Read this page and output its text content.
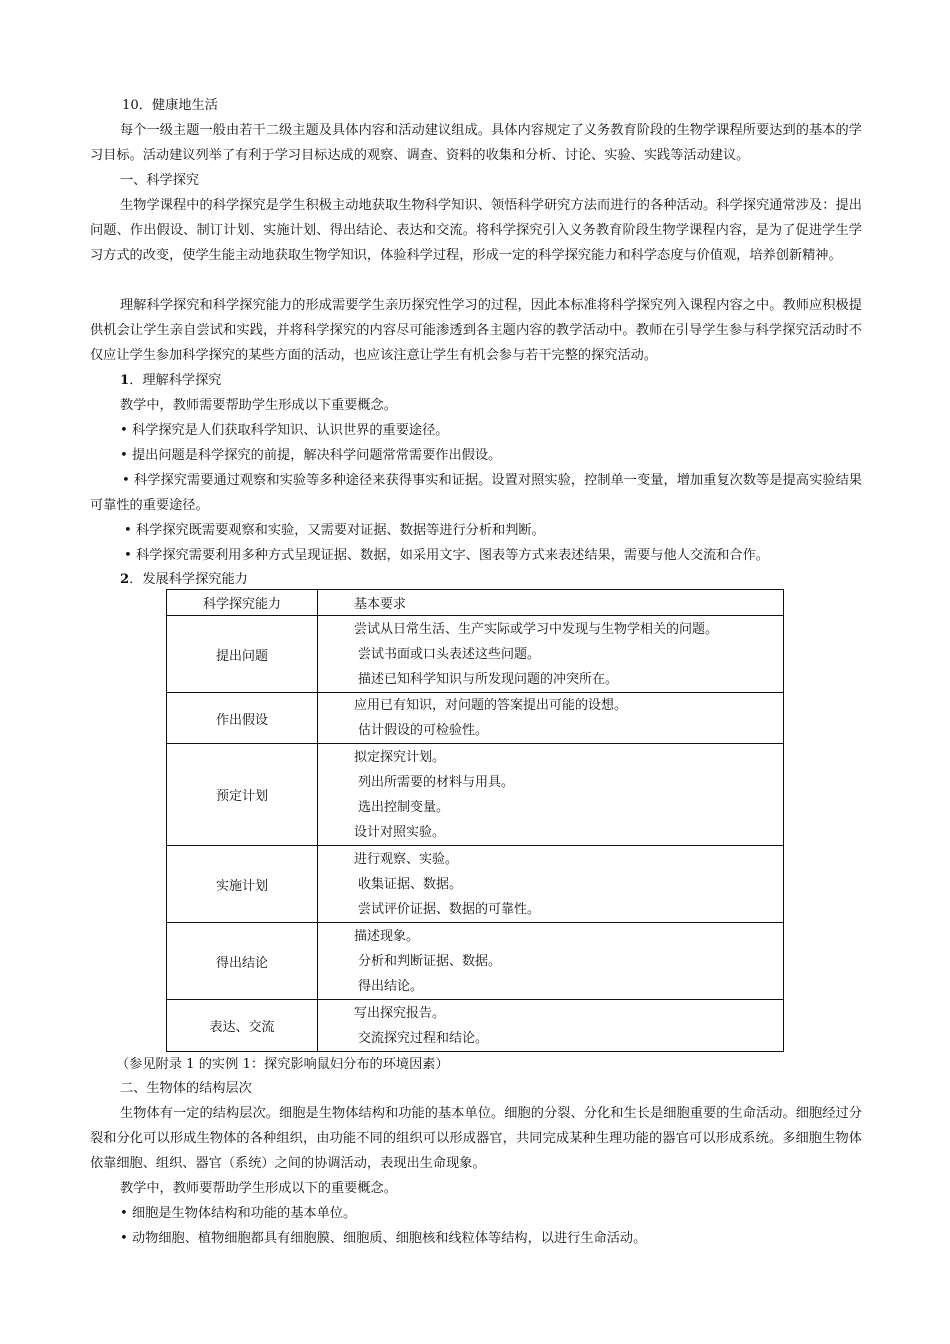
10．健康地生活
每个一级主题一般由若干二级主题及具体内容和活动建议组成。具体内容规定了义务教育阶段的生物学课程所要达到的基本的学习目标。活动建议列举了有利于学习目标达成的观察、调查、资料的收集和分析、讨论、实验、实践等活动建议。
一、科学探究
生物学课程中的科学探究是学生积极主动地获取生物科学知识、领悟科学研究方法而进行的各种活动。科学探究通常涉及：提出问题、作出假设、制订计划、实施计划、得出结论、表达和交流。将科学探究引入义务教育阶段生物学课程内容，是为了促进学生学习方式的改变，使学生能主动地获取生物学知识，体验科学过程，形成一定的科学探究能力和科学态度与价值观，培养创新精神。
理解科学探究和科学探究能力的形成需要学生亲历探究性学习的过程，因此本标准将科学探究列入课程内容之中。教师应积极提供机会让学生亲自尝试和实践，并将科学探究的内容尽可能渗透到各主题内容的教学活动中。教师在引导学生参与科学探究活动时不仅应让学生参加科学探究的某些方面的活动，也应该注意让学生有机会参与若干完整的探究活动。
1．理解科学探究
教学中，教师需要帮助学生形成以下重要概念。
• 科学探究是人们获取科学知识、认识世界的重要途径。
• 提出问题是科学探究的前提，解决科学问题常常需要作出假设。
• 科学探究需要通过观察和实验等多种途径来获得事实和证据。设置对照实验，控制单一变量，增加重复次数等是提高实验结果可靠性的重要途径。
• 科学探究既需要观察和实验，又需要对证据、数据等进行分析和判断。
• 科学探究需要利用多种方式呈现证据、数据，如采用文字、图表等方式来表述结果，需要与他人交流和合作。
2．发展科学探究能力
科学探究能力	基本要求
提出问题	尝试从日常生活、生产实际或学习中发现与生物学相关的问题。
尝试书面或口头表述这些问题。
描述已知科学知识与所发现问题的冲突所在。

作出假设	应用已有知识，对问题的答案提出可能的设想。
估计假设的可检验性。

预定计划	拟定探究计划。
列出所需要的材料与用具。
选出控制变量。
设计对照实验。

实施计划	进行观察、实验。
收集证据、数据。
尝试评价证据、数据的可靠性。

得出结论	描述现象。
分析和判断证据、数据。
得出结论。

表达、交流	写出探究报告。
交流探究过程和结论。
（参见附录 1 的实例 1：探究影响鼠妇分布的环境因素）
二、生物体的结构层次
生物体有一定的结构层次。细胞是生物体结构和功能的基本单位。细胞的分裂、分化和生长是细胞重要的生命活动。细胞经过分裂和分化可以形成生物体的各种组织，由功能不同的组织可以形成器官，共同完成某种生理功能的器官可以形成系统。多细胞生物体依靠细胞、组织、器官（系统）之间的协调活动，表现出生命现象。
教学中，教师要帮助学生形成以下的重要概念。
• 细胞是生物体结构和功能的基本单位。
• 动物细胞、植物细胞都具有细胞膜、细胞质、细胞核和线粒体等结构，以进行生命活动。
